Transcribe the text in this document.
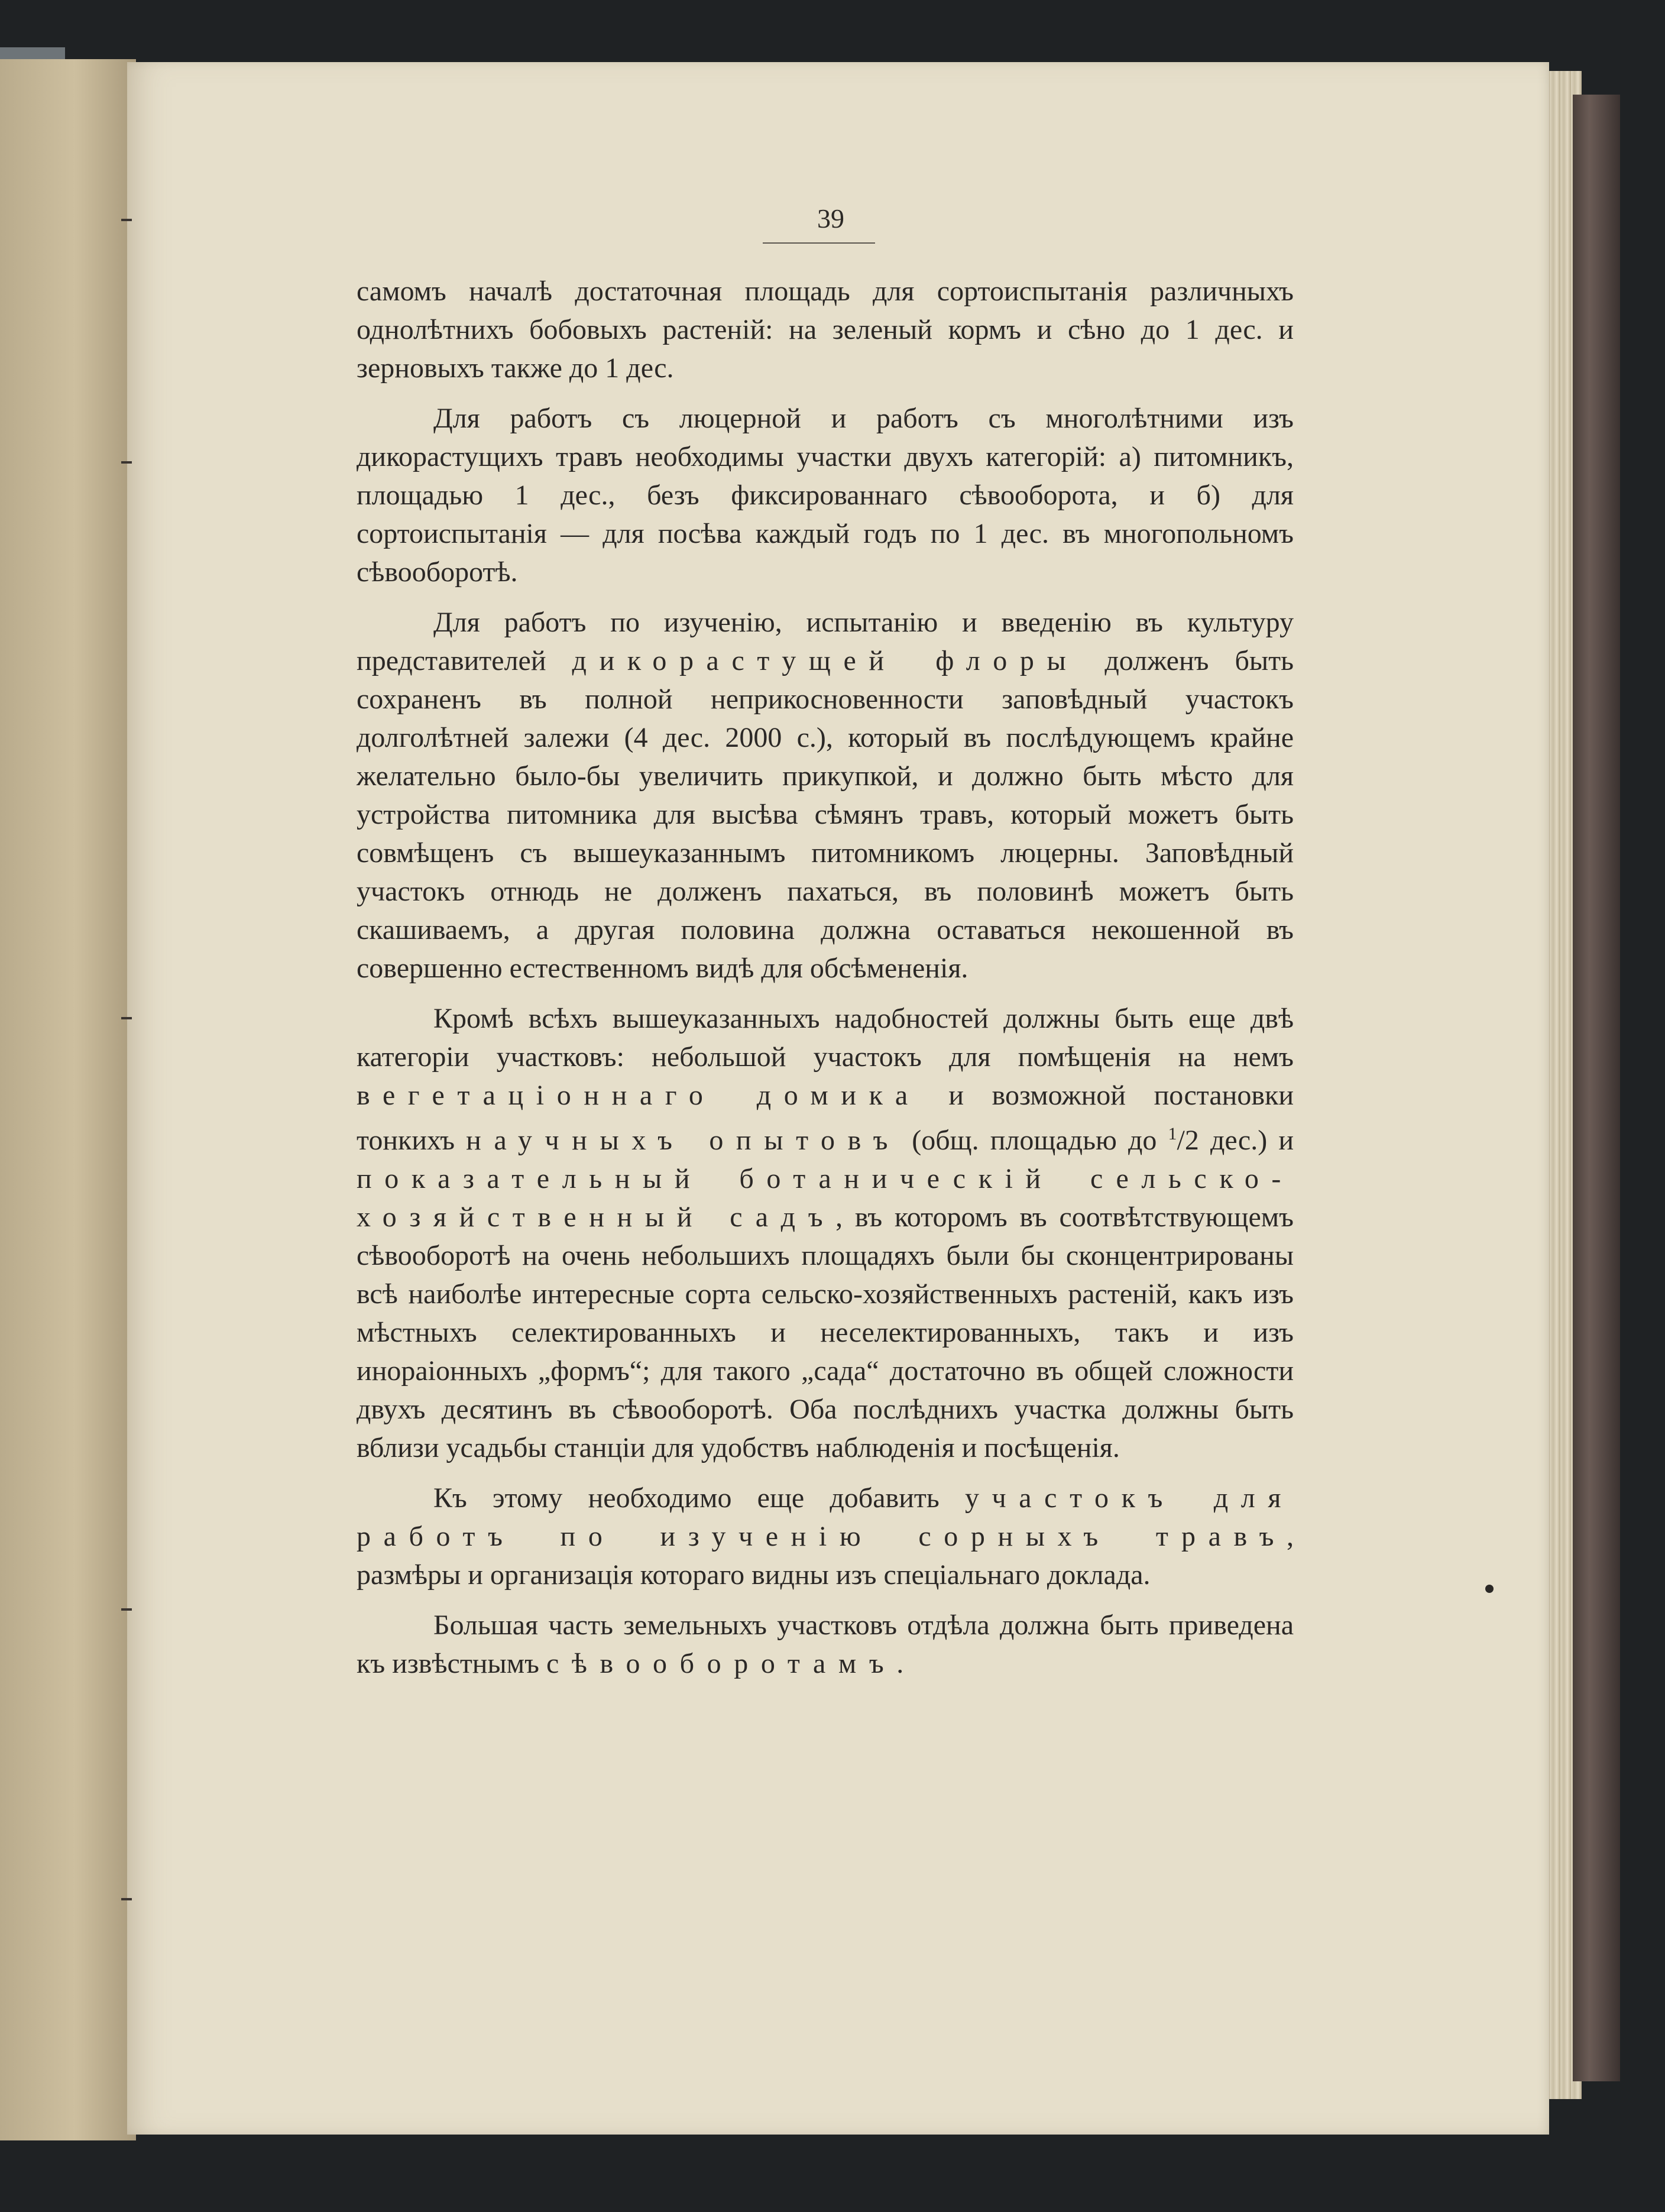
39

самомъ началѣ достаточная площадь для сортоиспытанія различныхъ однолѣтнихъ бобовыхъ растеній: на зеленый кормъ и сѣно до 1 дес. и зерновыхъ также до 1 дес.

Для работъ съ люцерной и работъ съ многолѣтними изъ дикорастущихъ травъ необходимы участки двухъ категорій: а) питомникъ, площадью 1 дес., безъ фиксированнаго сѣвооборота, и б) для сортоиспытанія — для посѣва каждый годъ по 1 дес. въ многопольномъ сѣвооборотѣ.

Для работъ по изученію, испытанію и введенію въ культуру представителей дикорастущей флоры долженъ быть сохраненъ въ полной неприкосновенности заповѣдный участокъ долголѣтней залежи (4 дес. 2000 с.), который въ послѣдующемъ крайне желательно было-бы увеличить прикупкой, и должно быть мѣсто для устройства питомника для высѣва сѣмянъ травъ, который можетъ быть совмѣщенъ съ вышеуказаннымъ питомникомъ люцерны. Заповѣдный участокъ отнюдь не долженъ пахаться, въ половинѣ можетъ быть скашиваемъ, а другая половина должна оставаться некошенной въ совершенно естественномъ видѣ для обсѣмененія.

Кромѣ всѣхъ вышеуказанныхъ надобностей должны быть еще двѣ категоріи участковъ: небольшой участокъ для помѣщенія на немъ вегетаціоннаго домика и возможной постановки тонкихъ научныхъ опытовъ (общ. площадью до $^1$/2 дес.) и показательный ботаническій сельско-хозяйственный садъ, въ которомъ въ соотвѣтствующемъ сѣвооборотѣ на очень небольшихъ площадяхъ были бы сконцентрированы всѣ наиболѣе интересные сорта сельско-хозяйственныхъ растеній, какъ изъ мѣстныхъ селектированныхъ и неселектированныхъ, такъ и изъ инораіонныхъ „формъ“; для такого „сада“ достаточно въ общей сложности двухъ десятинъ въ сѣвооборотѣ. Оба послѣднихъ участка должны быть вблизи усадьбы станціи для удобствъ наблюденія и посѣщенія.

Къ этому необходимо еще добавить участокъ для работъ по изученію сорныхъ травъ, размѣры и организація котораго видны изъ спеціальнаго доклада.

Большая часть земельныхъ участковъ отдѣла должна быть приведена къ извѣстнымъ сѣвооборотамъ.
